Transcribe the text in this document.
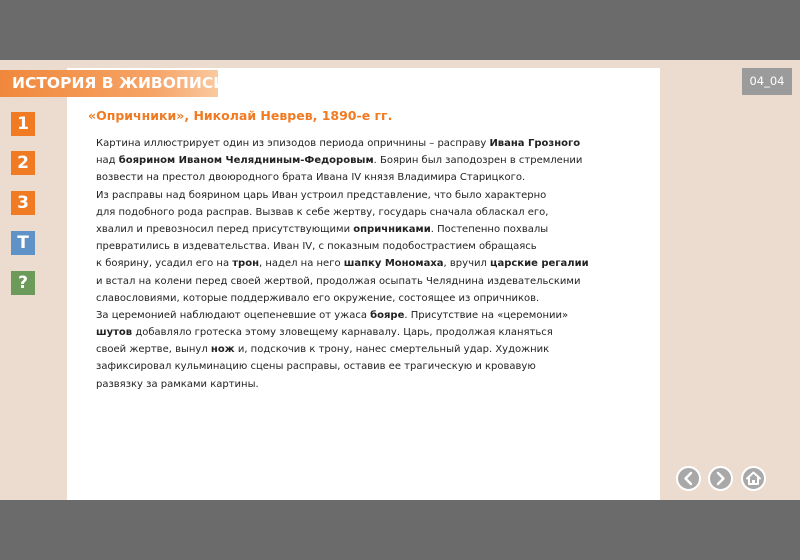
ИСТОРИЯ В ЖИВОПИСИ	04_04
1
2
3
Т
?
«Опричники», Николай Неврев, 1890-е гг.
Картина иллюстрирует один из эпизодов периода опричнины – расправу Ивана Грозного
над боярином Иваном Челядниным-Федоровым. Боярин был заподозрен в стремлении
возвести на престол двоюродного брата Ивана IV князя Владимира Старицкого.
Из расправы над боярином царь Иван устроил представление, что было характерно
для подобного рода расправ. Вызвав к себе жертву, государь сначала обласкал его,
хвалил и превозносил перед присутствующими опричниками. Постепенно похвалы
превратились в издевательства. Иван IV, с показным подобострастием обращаясь
к боярину, усадил его на трон, надел на него шапку Мономаха, вручил царские регалии
и встал на колени перед своей жертвой, продолжая осыпать Челяднина издевательскими
славословиями, которые поддерживало его окружение, состоящее из опричников.
За церемонией наблюдают оцепеневшие от ужаса бояре. Присутствие на «церемонии»
шутов добавляло гротеска этому зловещему карнавалу. Царь, продолжая кланяться
своей жертве, вынул нож и, подскочив к трону, нанес смертельный удар. Художник
зафиксировал кульминацию сцены расправы, оставив ее трагическую и кровавую
развязку за рамками картины.
